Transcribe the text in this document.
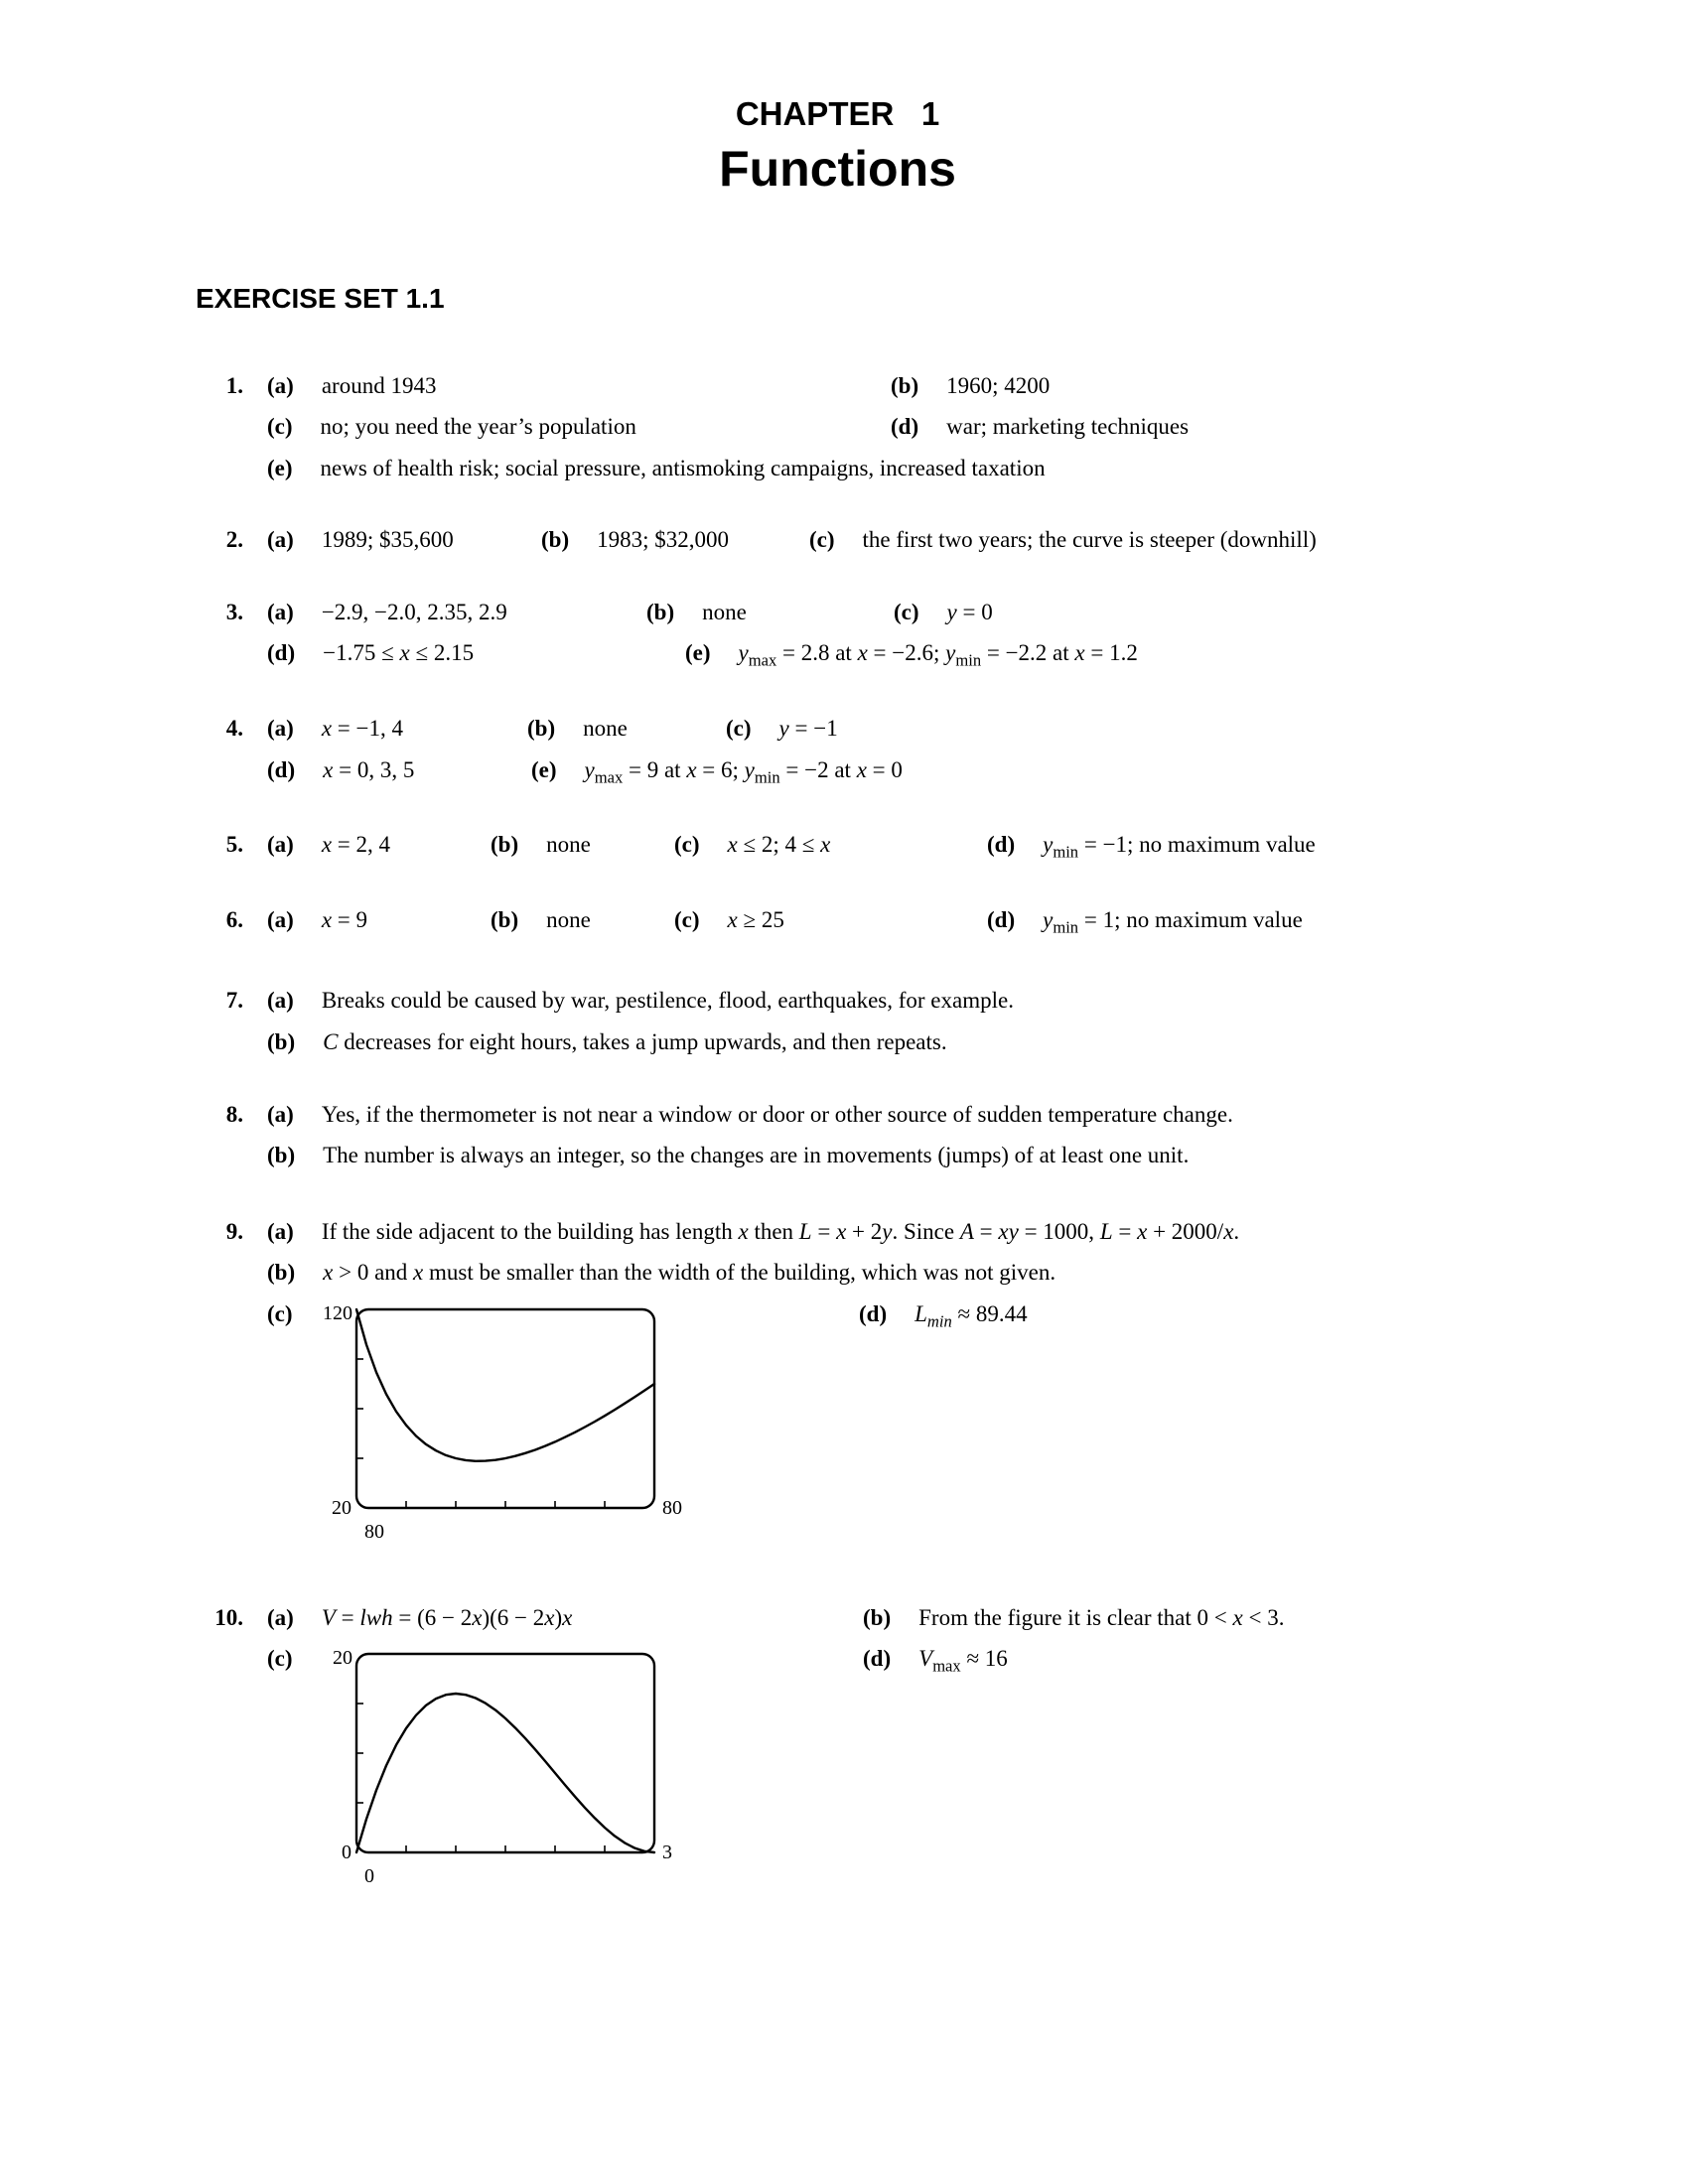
CHAPTER   1
Functions
EXERCISE SET 1.1
1. (a) around 1943	(b) 1960; 4200
(c) no; you need the year’s population	(d) war; marketing techniques
(e) news of health risk; social pressure, antismoking campaigns, increased taxation
2. (a) 1989; $35,600	(b) 1983; $32,000	(c) the first two years; the curve is steeper (downhill)
3. (a) −2.9, −2.0, 2.35, 2.9	(b) none	(c) y = 0
(d) −1.75 ≤ x ≤ 2.15	(e) $y_{max} = 2.8$ at x = −2.6; $y_{min} = -2.2$ at x = 1.2
4. (a) x = −1, 4	(b) none	(c) y = −1
(d) x = 0, 3, 5	(e) $y_{max} = 9$ at x = 6; $y_{min} = -2$ at x = 0
5. (a) x = 2, 4	(b) none	(c) x ≤ 2; 4 ≤ x	(d) $y_{min} = -1$; no maximum value
6. (a) x = 9	(b) none	(c) x ≥ 25	(d) $y_{min} = 1$; no maximum value
7. (a) Breaks could be caused by war, pestilence, flood, earthquakes, for example.
(b) C decreases for eight hours, takes a jump upwards, and then repeats.
8. (a) Yes, if the thermometer is not near a window or door or other source of sudden temperature change.
(b) The number is always an integer, so the changes are in movements (jumps) of at least one unit.
9. (a) If the side adjacent to the building has length x then L = x + 2y. Since A = xy = 1000, L = x + 2000/x.
(b) x > 0 and x must be smaller than the width of the building, which was not given.
(c) 120
20
80
80
(d) $L_{min} \approx 89.44$
10. (a) V = lwh = (6 − 2x)(6 − 2x)x	(b) From the figure it is clear that 0 < x < 3.
(c) 20
0
0
3
(d) $V_{max} \approx 16$
